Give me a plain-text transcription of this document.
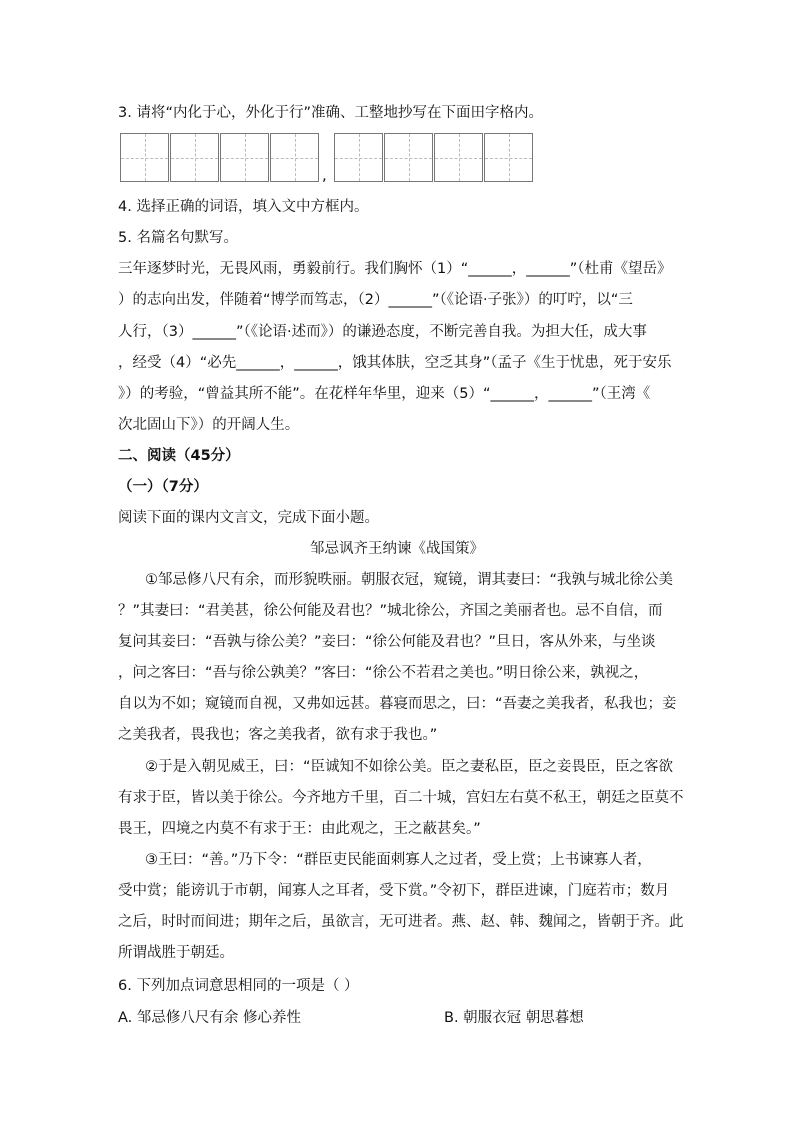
3. 请将“内化于心，外化于行”准确、工整地抄写在下面田字格内。
,
4. 选择正确的词语，填入文中方框内。
5. 名篇名句默写。
三年逐梦时光，无畏风雨，勇毅前行。我们胸怀（1）“______，______”（杜甫《望岳》
）的志向出发，伴随着“博学而笃志，（2）______”（《论语·子张》）的叮咛，以“三
人行，（3）______”（《论语·述而》）的谦逊态度，不断完善自我。为担大任，成大事
，经受（4）“必先______，______，饿其体肤，空乏其身”（孟子《生于忧患，死于安乐
》）的考验，“曾益其所不能”。在花样年华里，迎来（5）“______，______”（王湾《
次北固山下》）的开阔人生。
二、阅读（45分）
（一）（7分）
阅读下面的课内文言文，完成下面小题。
邹忌讽齐王纳谏《战国策》
①邹忌修八尺有余，而形貌昳丽。朝服衣冠，窥镜，谓其妻曰：“我孰与城北徐公美
？”其妻曰：“君美甚，徐公何能及君也？”城北徐公，齐国之美丽者也。忌不自信，而
复问其妾曰：“吾孰与徐公美？”妾曰：“徐公何能及君也？”旦日，客从外来，与坐谈
，问之客曰：“吾与徐公孰美？”客曰：“徐公不若君之美也。”明日徐公来，孰视之，
自以为不如；窥镜而自视，又弗如远甚。暮寝而思之，曰：“吾妻之美我者，私我也；妾
之美我者，畏我也；客之美我者，欲有求于我也。”
②于是入朝见威王，曰：“臣诚知不如徐公美。臣之妻私臣，臣之妾畏臣，臣之客欲
有求于臣，皆以美于徐公。今齐地方千里，百二十城，宫妇左右莫不私王，朝廷之臣莫不
畏王，四境之内莫不有求于王：由此观之，王之蔽甚矣。”
③王曰：“善。”乃下令：“群臣吏民能面刺寡人之过者，受上赏；上书谏寡人者，
受中赏；能谤讥于市朝，闻寡人之耳者，受下赏。”令初下，群臣进谏，门庭若市；数月
之后，时时而间进；期年之后，虽欲言，无可进者。燕、赵、韩、魏闻之，皆朝于齐。此
所谓战胜于朝廷。
6. 下列加点词意思相同的一项是（ ）
A. 邹忌修八尺有余 修心养性	B. 朝服衣冠 朝思暮想
